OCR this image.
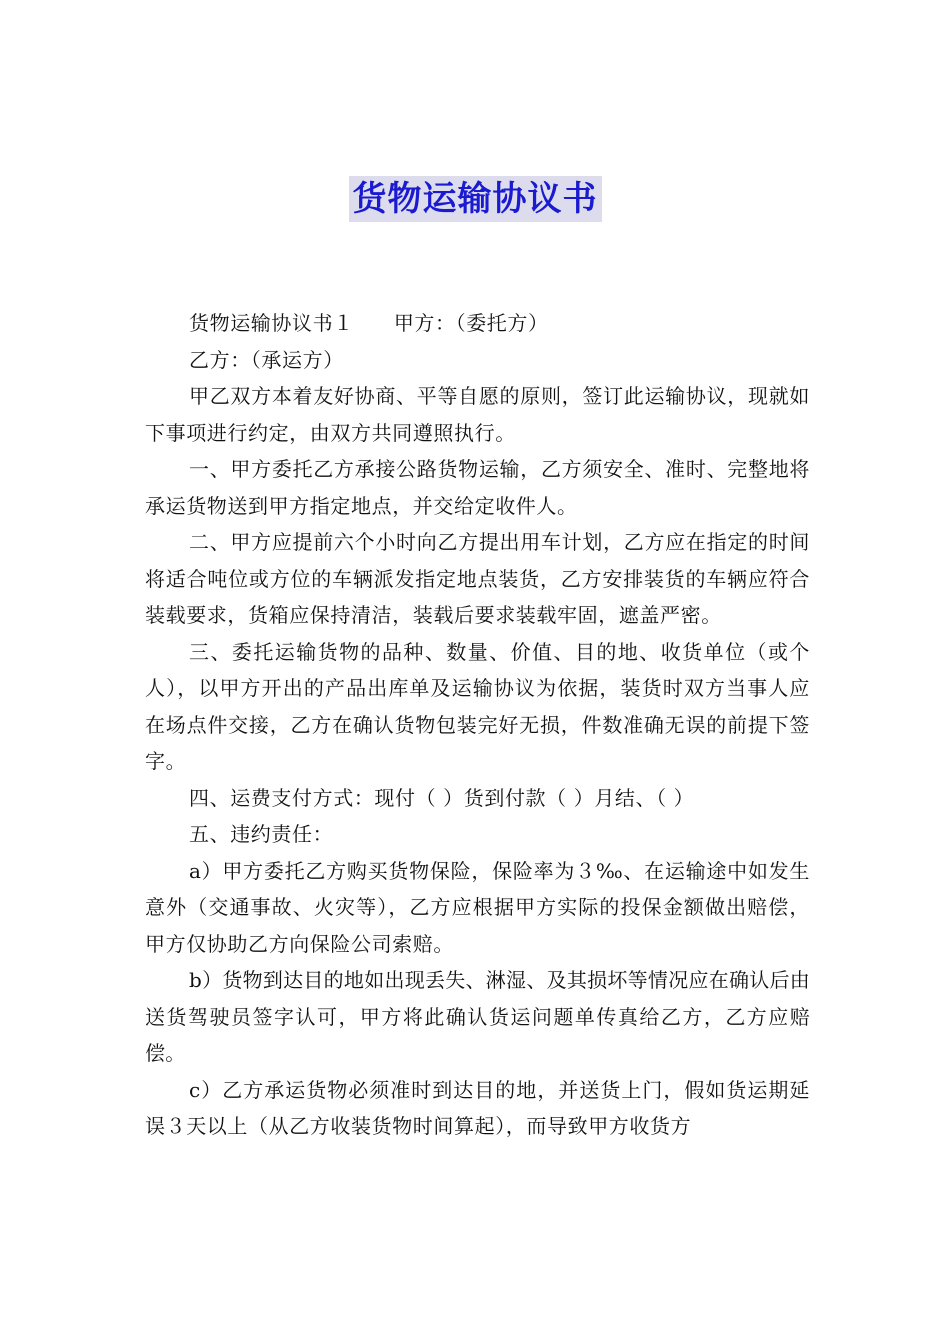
货物运输协议书

货物运输协议书１ 甲方：（委托方）

乙方：（承运方）

甲乙双方本着友好协商、平等自愿的原则，签订此运输协议，现就如下事项进行约定，由双方共同遵照执行。

一、甲方委托乙方承接公路货物运输，乙方须安全、准时、完整地将承运货物送到甲方指定地点，并交给定收件人。

二、甲方应提前六个小时向乙方提出用车计划，乙方应在指定的时间将适合吨位或方位的车辆派发指定地点装货，乙方安排装货的车辆应符合装载要求，货箱应保持清洁，装载后要求装载牢固，遮盖严密。

三、委托运输货物的品种、数量、价值、目的地、收货单位（或个人），以甲方开出的产品出库单及运输协议为依据，装货时双方当事人应在场点件交接，乙方在确认货物包装完好无损，件数准确无误的前提下签字。

四、运费支付方式：现付（ ）货到付款（ ）月结、（ ）

五、违约责任：

a）甲方委托乙方购买货物保险，保险率为３‰、在运输途中如发生意外（交通事故、火灾等），乙方应根据甲方实际的投保金额做出赔偿，甲方仅协助乙方向保险公司索赔。

b）货物到达目的地如出现丢失、淋湿、及其损坏等情况应在确认后由送货驾驶员签字认可，甲方将此确认货运问题单传真给乙方，乙方应赔偿。

c）乙方承运货物必须准时到达目的地，并送货上门，假如货运期延误３天以上（从乙方收装货物时间算起），而导致甲方收货方
